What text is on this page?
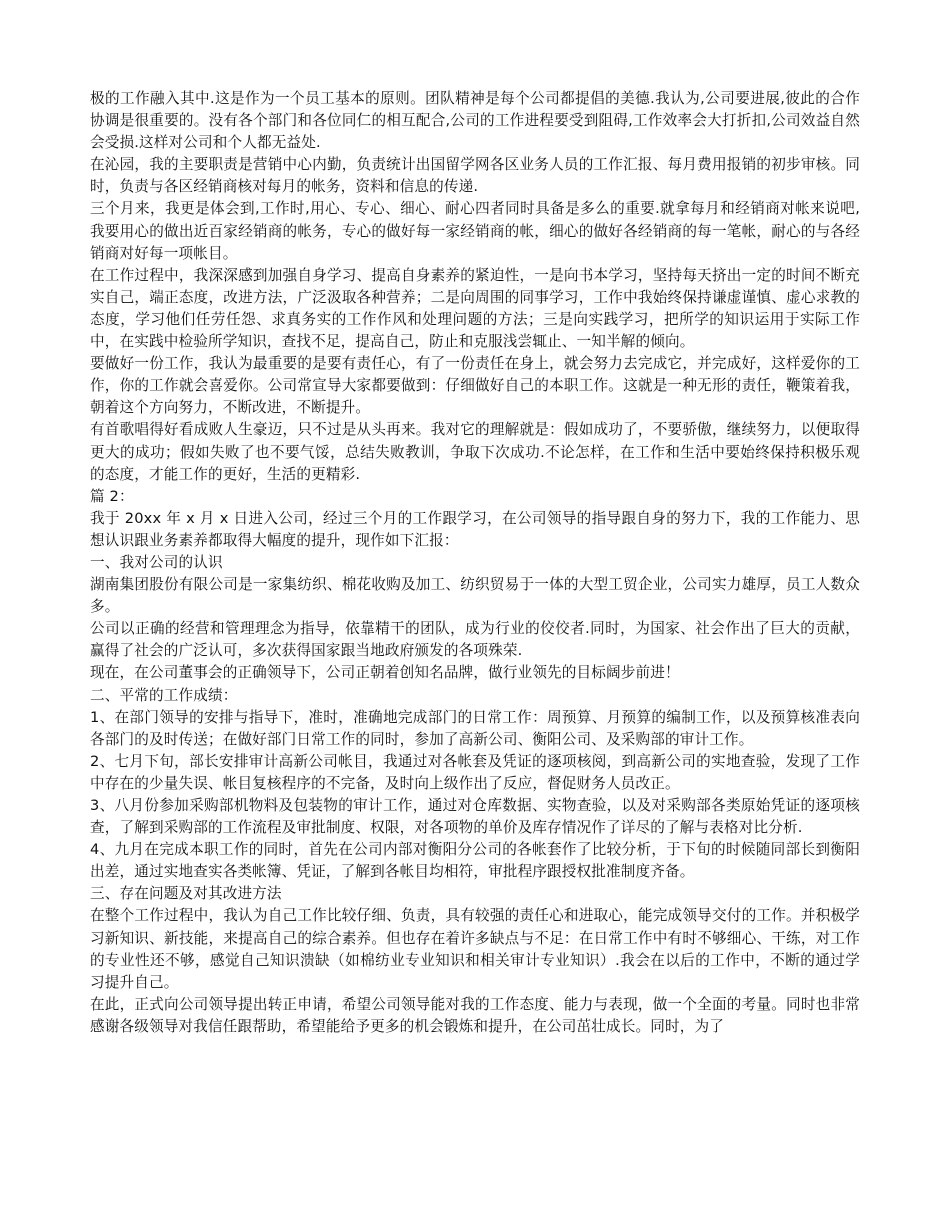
极的工作融入其中.这是作为一个员工基本的原则。团队精神是每个公司都提倡的美德.我认为,公司要进展,彼此的合作协调是很重要的。没有各个部门和各位同仁的相互配合,公司的工作进程要受到阻碍,工作效率会大打折扣,公司效益自然会受损.这样对公司和个人都无益处.

在沁园，我的主要职责是营销中心内勤，负责统计出国留学网各区业务人员的工作汇报、每月费用报销的初步审核。同时，负责与各区经销商核对每月的帐务，资料和信息的传递.

三个月来，我更是体会到,工作时,用心、专心、细心、耐心四者同时具备是多么的重要.就拿每月和经销商对帐来说吧,我要用心的做出近百家经销商的帐务，专心的做好每一家经销商的帐，细心的做好各经销商的每一笔帐，耐心的与各经销商对好每一项帐目。

在工作过程中，我深深感到加强自身学习、提高自身素养的紧迫性，一是向书本学习，坚持每天挤出一定的时间不断充实自己，端正态度，改进方法，广泛汲取各种营养；二是向周围的同事学习，工作中我始终保持谦虚谨慎、虚心求教的态度，学习他们任劳任怨、求真务实的工作作风和处理问题的方法；三是向实践学习，把所学的知识运用于实际工作中，在实践中检验所学知识，查找不足，提高自己，防止和克服浅尝辄止、一知半解的倾向。

要做好一份工作，我认为最重要的是要有责任心，有了一份责任在身上，就会努力去完成它，并完成好，这样爱你的工作，你的工作就会喜爱你。公司常宣导大家都要做到：仔细做好自己的本职工作。这就是一种无形的责任，鞭策着我，朝着这个方向努力，不断改进，不断提升。

有首歌唱得好看成败人生豪迈，只不过是从头再来。我对它的理解就是：假如成功了，不要骄傲，继续努力，以便取得更大的成功；假如失败了也不要气馁，总结失败教训，争取下次成功.不论怎样，在工作和生活中要始终保持积极乐观的态度，才能工作的更好，生活的更精彩.

篇 2：

我于 20xx 年 x 月 x 日进入公司，经过三个月的工作跟学习，在公司领导的指导跟自身的努力下，我的工作能力、思想认识跟业务素养都取得大幅度的提升，现作如下汇报：

一、我对公司的认识

湖南集团股份有限公司是一家集纺织、棉花收购及加工、纺织贸易于一体的大型工贸企业，公司实力雄厚，员工人数众多。

公司以正确的经营和管理理念为指导，依靠精干的团队，成为行业的佼佼者.同时，为国家、社会作出了巨大的贡献，赢得了社会的广泛认可，多次获得国家跟当地政府颁发的各项殊荣.

现在，在公司董事会的正确领导下，公司正朝着创知名品牌，做行业领先的目标阔步前进！

二、平常的工作成绩：

1、在部门领导的安排与指导下，准时，准确地完成部门的日常工作：周预算、月预算的编制工作，以及预算核准表向各部门的及时传送；在做好部门日常工作的同时，参加了高新公司、衡阳公司、及采购部的审计工作。

2、七月下旬，部长安排审计高新公司帐目，我通过对各帐套及凭证的逐项核阅，到高新公司的实地查验，发现了工作中存在的少量失误、帐目复核程序的不完备，及时向上级作出了反应，督促财务人员改正。

3、八月份参加采购部机物料及包装物的审计工作，通过对仓库数据、实物查验，以及对采购部各类原始凭证的逐项核查，了解到采购部的工作流程及审批制度、权限，对各项物的单价及库存情况作了详尽的了解与表格对比分析.

4、九月在完成本职工作的同时，首先在公司内部对衡阳分公司的各帐套作了比较分析，于下旬的时候随同部长到衡阳出差，通过实地查实各类帐簿、凭证，了解到各帐目均相符，审批程序跟授权批准制度齐备。

三、存在问题及对其改进方法

在整个工作过程中，我认为自己工作比较仔细、负责，具有较强的责任心和进取心，能完成领导交付的工作。并积极学习新知识、新技能，来提高自己的综合素养。但也存在着许多缺点与不足：在日常工作中有时不够细心、干练，对工作的专业性还不够，感觉自己知识溃缺（如棉纺业专业知识和相关审计专业知识）.我会在以后的工作中，不断的通过学习提升自己。

在此，正式向公司领导提出转正申请，希望公司领导能对我的工作态度、能力与表现，做一个全面的考量。同时也非常感谢各级领导对我信任跟帮助，希望能给予更多的机会锻炼和提升，在公司茁壮成长。同时，为了
